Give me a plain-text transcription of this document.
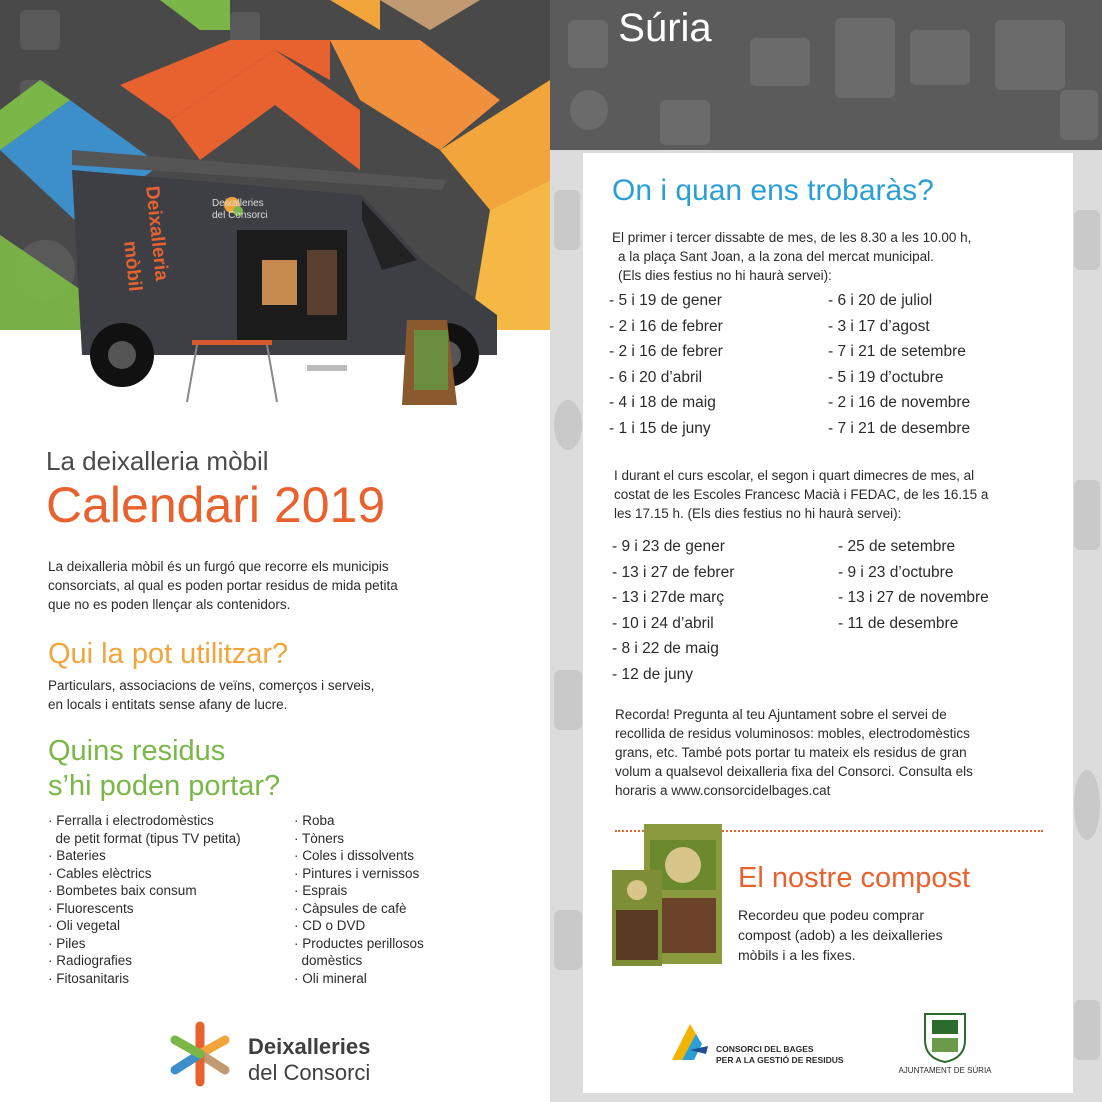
Deixalleria
mòbil
Deixalleries
del Consorci
La deixalleria mòbil
Calendari 2019
La deixalleria mòbil és un furgó que recorre els municipis
consorciats, al qual es poden portar residus de mida petita
que no es poden llençar als contenidors.
Qui la pot utilitzar?
Particulars, associacions de veïns, comerços i serveis,
en locals i entitats sense afany de lucre.
Quins residus
s’hi poden portar?
· Ferralla i electrodomèstics
de petit format (tipus TV petita)
· Bateries
· Cables elèctrics
· Bombetes baix consum
· Fluorescents
· Oli vegetal
· Piles
· Radiografies
· Fitosanitaris
· Roba
· Tòners
· Coles i dissolvents
· Pintures i vernissos
· Esprais
· Càpsules de cafè
· CD o DVD
· Productes perillosos
domèstics
· Oli mineral
Deixalleries
del Consorci
Súria
On i quan ens trobaràs?
El primer i tercer dissabte de mes, de les 8.30 a les 10.00 h,
a la plaça Sant Joan, a la zona del mercat municipal.
(Els dies festius no hi haurà servei):
- 5 i 19 de gener
- 2 i 16 de febrer
- 2 i 16 de febrer
- 6 i 20 d’abril
- 4 i 18 de maig
- 1 i 15 de juny
- 6 i 20 de juliol
- 3 i 17 d’agost
- 7 i 21 de setembre
- 5 i 19 d’octubre
- 2 i 16 de novembre
- 7 i 21 de desembre
I durant el curs escolar, el segon i quart dimecres de mes, al
costat de les Escoles Francesc Macià i FEDAC, de les 16.15 a
les 17.15 h. (Els dies festius no hi haurà servei):
- 9 i 23 de gener
- 13 i 27 de febrer
- 13 i 27de març
- 10 i 24 d’abril
- 8 i 22 de maig
- 12 de juny
- 25 de setembre
- 9 i 23 d’octubre
- 13 i 27 de novembre
- 11 de desembre
Recorda! Pregunta al teu Ajuntament sobre el servei de
recollida de residus voluminosos: mobles, electrodomèstics
grans, etc. També pots portar tu mateix els residus de gran
volum a qualsevol deixalleria fixa del Consorci. Consulta els
horaris a www.consorcidelbages.cat
El nostre compost
Recordeu que podeu comprar
compost (adob) a les deixalleries
mòbils i a les fixes.
CONSORCI DEL BAGES
PER A LA GESTIÓ DE RESIDUS
AJUNTAMENT DE SÚRIA
